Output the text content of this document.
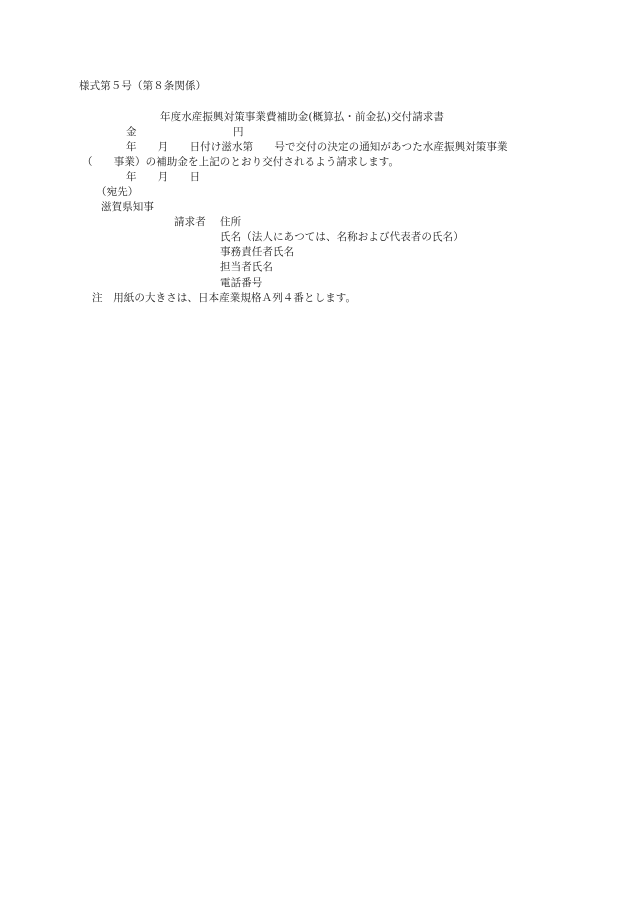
様式第５号（第８条関係）
年度水産振興対策事業費補助金(概算払・前金払)交付請求書
金	円
年　　月　　日付け滋水第　　号で交付の決定の通知があつた水産振興対策事業
（　　事業）の補助金を上記のとおり交付されるよう請求します。
年　　月　　日
（宛先）
滋賀県知事
請求者 住所
氏名（法人にあつては、名称および代表者の氏名）
事務責任者氏名
担当者氏名
電話番号
注　用紙の大きさは、日本産業規格Ａ列４番とします。
